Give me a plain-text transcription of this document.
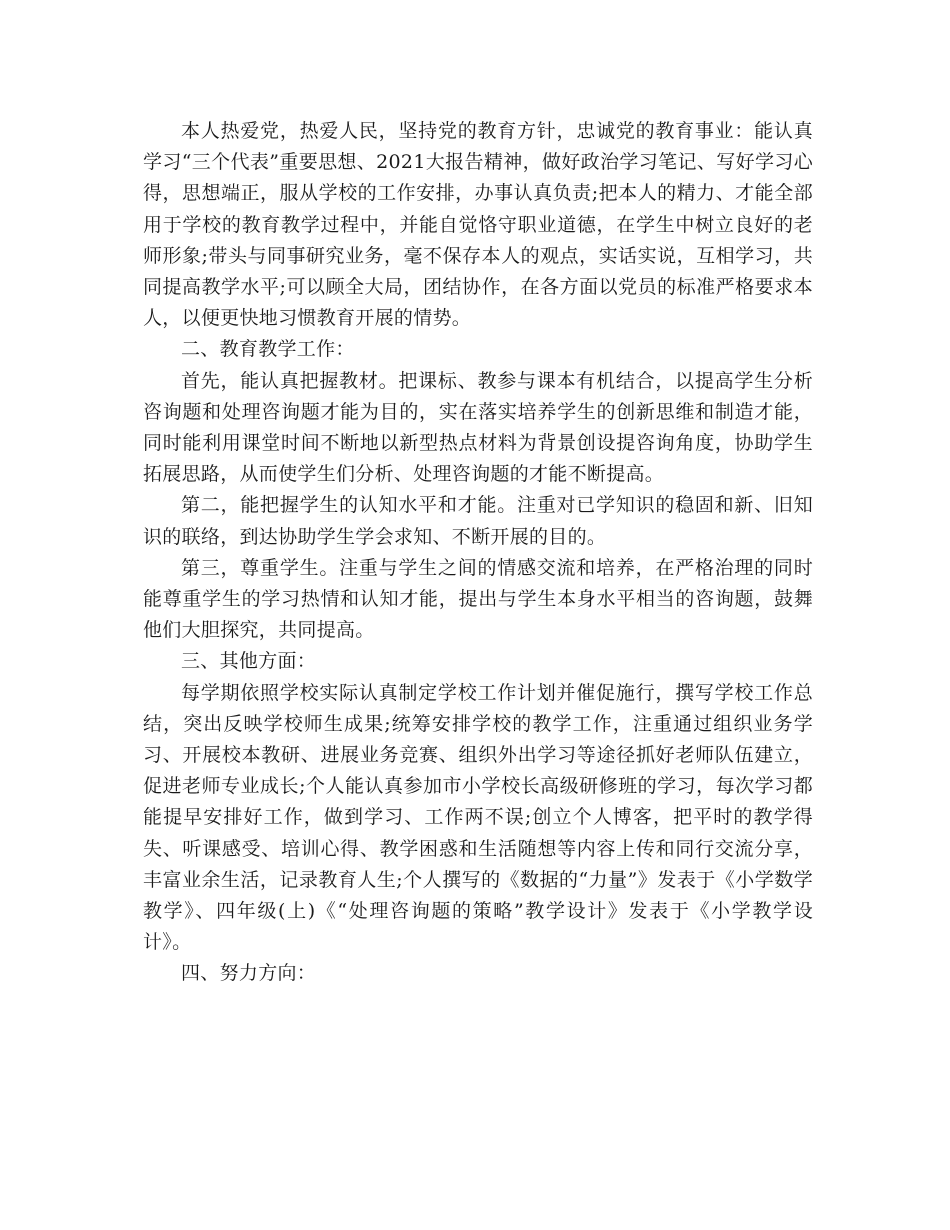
本人热爱党，热爱人民，坚持党的教育方针，忠诚党的教育事业：能认真学习“三个代表”重要思想、2021大报告精神，做好政治学习笔记、写好学习心得，思想端正，服从学校的工作安排，办事认真负责;把本人的精力、才能全部用于学校的教育教学过程中，并能自觉恪守职业道德，在学生中树立良好的老师形象;带头与同事研究业务，毫不保存本人的观点，实话实说，互相学习，共同提高教学水平;可以顾全大局，团结协作，在各方面以党员的标准严格要求本人，以便更快地习惯教育开展的情势。

二、教育教学工作：

首先，能认真把握教材。把课标、教参与课本有机结合，以提高学生分析咨询题和处理咨询题才能为目的，实在落实培养学生的创新思维和制造才能，同时能利用课堂时间不断地以新型热点材料为背景创设提咨询角度，协助学生拓展思路，从而使学生们分析、处理咨询题的才能不断提高。

第二，能把握学生的认知水平和才能。注重对已学知识的稳固和新、旧知识的联络，到达协助学生学会求知、不断开展的目的。

第三，尊重学生。注重与学生之间的情感交流和培养，在严格治理的同时能尊重学生的学习热情和认知才能，提出与学生本身水平相当的咨询题，鼓舞他们大胆探究，共同提高。

三、其他方面：

每学期依照学校实际认真制定学校工作计划并催促施行，撰写学校工作总结，突出反映学校师生成果;统筹安排学校的教学工作，注重通过组织业务学习、开展校本教研、进展业务竞赛、组织外出学习等途径抓好老师队伍建立，促进老师专业成长;个人能认真参加市小学校长高级研修班的学习，每次学习都能提早安排好工作，做到学习、工作两不误;创立个人博客，把平时的教学得失、听课感受、培训心得、教学困惑和生活随想等内容上传和同行交流分享，丰富业余生活，记录教育人生;个人撰写的《数据的“力量”》发表于《小学数学教学》、四年级(上)《“处理咨询题的策略”教学设计》发表于《小学教学设计》。

四、努力方向：
